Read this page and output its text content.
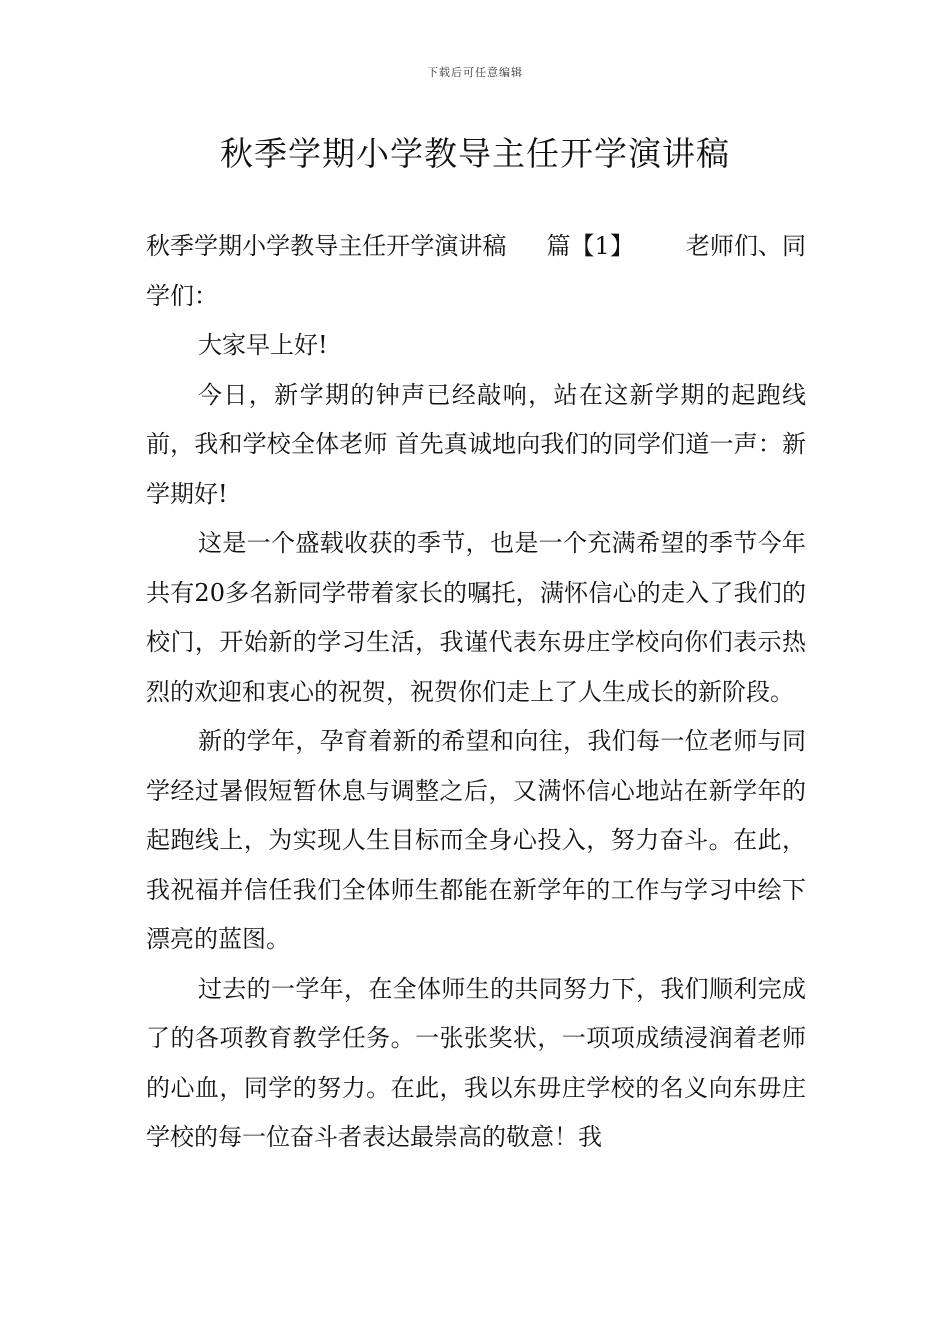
下载后可任意编辑
秋季学期小学教导主任开学演讲稿

秋季学期小学教导主任开学演讲稿 篇【1】 老师们、同学们：

大家早上好!

今日，新学期的钟声已经敲响，站在这新学期的起跑线前，我和学校全体老师 首先真诚地向我们的同学们道一声：新学期好!

这是一个盛载收获的季节，也是一个充满希望的季节今年共有20多名新同学带着家长的嘱托，满怀信心的走入了我们的校门，开始新的学习生活，我谨代表东毋庄学校向你们表示热烈的欢迎和衷心的祝贺，祝贺你们走上了人生成长的新阶段。

新的学年，孕育着新的希望和向往，我们每一位老师与同学经过暑假短暂休息与调整之后，又满怀信心地站在新学年的起跑线上，为实现人生目标而全身心投入，努力奋斗。在此，我祝福并信任我们全体师生都能在新学年的工作与学习中绘下漂亮的蓝图。

过去的一学年，在全体师生的共同努力下，我们顺利完成了的各项教育教学任务。一张张奖状，一项项成绩浸润着老师的心血，同学的努力。在此，我以东毋庄学校的名义向东毋庄学校的每一位奋斗者表达最崇高的敬意！我
